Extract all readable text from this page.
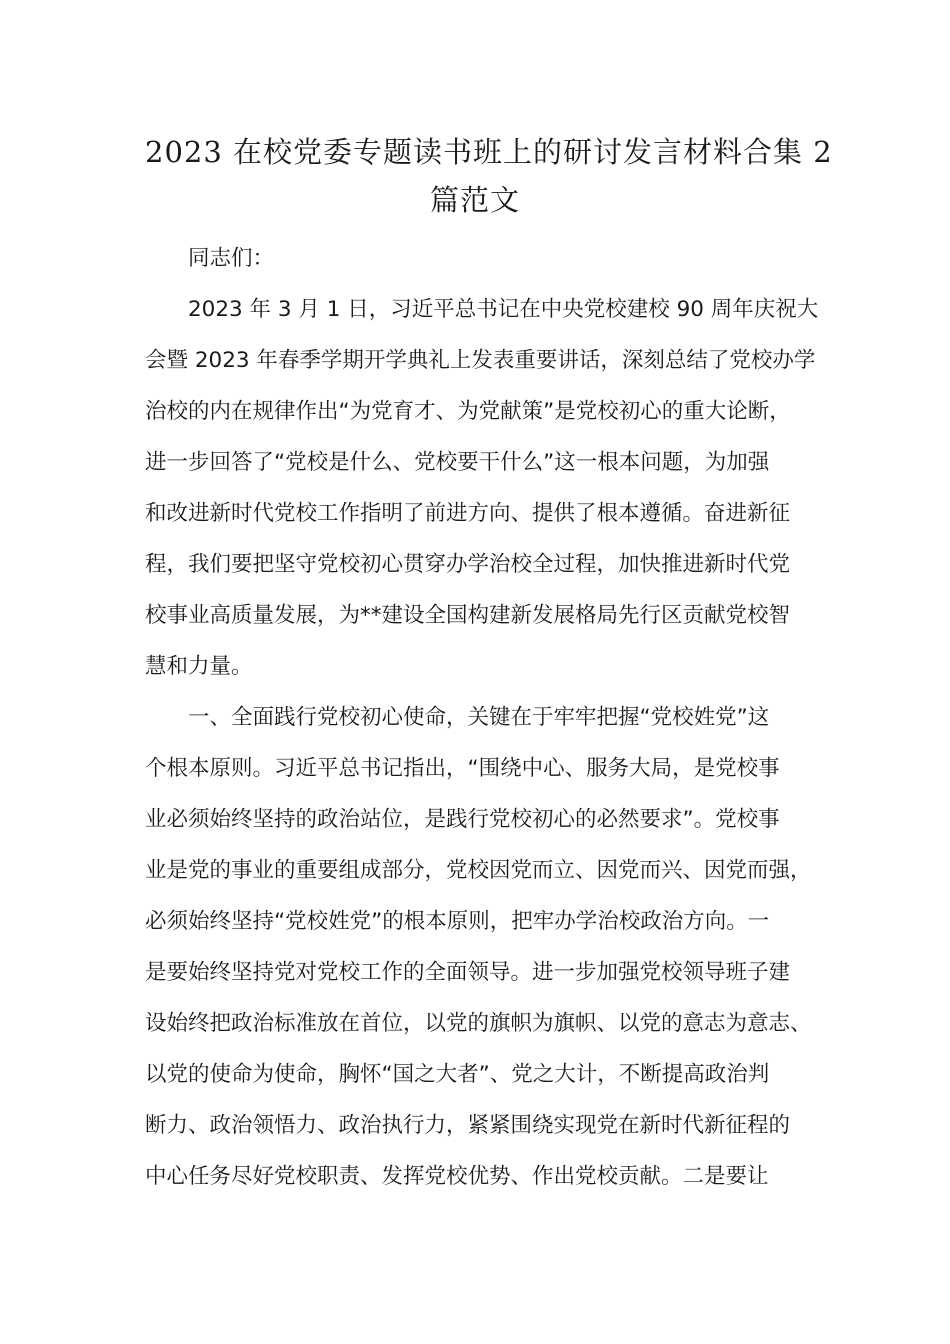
2023 在校党委专题读书班上的研讨发言材料合集 2
篇范文
同志们：
2023 年 3 月 1 日，习近平总书记在中央党校建校 90 周年庆祝大
会暨 2023 年春季学期开学典礼上发表重要讲话，深刻总结了党校办学
治校的内在规律作出“为党育才、为党献策”是党校初心的重大论断，
进一步回答了“党校是什么、党校要干什么”这一根本问题，为加强
和改进新时代党校工作指明了前进方向、提供了根本遵循。奋进新征
程，我们要把坚守党校初心贯穿办学治校全过程，加快推进新时代党
校事业高质量发展，为**建设全国构建新发展格局先行区贡献党校智
慧和力量。
一、全面践行党校初心使命，关键在于牢牢把握“党校姓党”这
个根本原则。习近平总书记指出，“围绕中心、服务大局，是党校事
业必须始终坚持的政治站位，是践行党校初心的必然要求”。党校事
业是党的事业的重要组成部分，党校因党而立、因党而兴、因党而强，
必须始终坚持“党校姓党”的根本原则，把牢办学治校政治方向。一
是要始终坚持党对党校工作的全面领导。进一步加强党校领导班子建
设始终把政治标准放在首位，以党的旗帜为旗帜、以党的意志为意志、
以党的使命为使命，胸怀“国之大者”、党之大计，不断提高政治判
断力、政治领悟力、政治执行力，紧紧围绕实现党在新时代新征程的
中心任务尽好党校职责、发挥党校优势、作出党校贡献。二是要让
